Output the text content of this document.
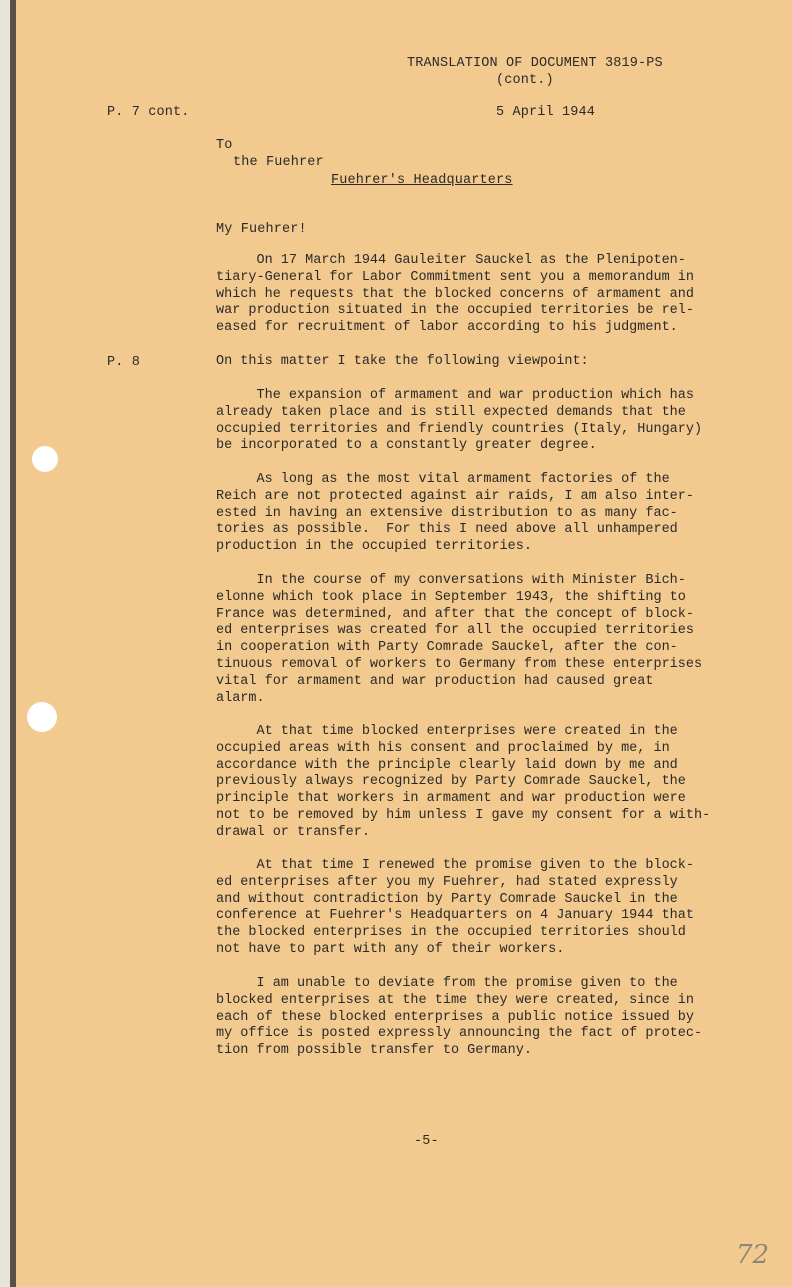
TRANSLATION OF DOCUMENT 3819-PS
(cont.)
P. 7 cont.	5 April 1944
To
the Fuehrer
Fuehrer's Headquarters
My Fuehrer!
On 17 March 1944 Gauleiter Sauckel as the Plenipoten-
tiary-General for Labor Commitment sent you a memorandum in
which he requests that the blocked concerns of armament and
war production situated in the occupied territories be rel-
eased for recruitment of labor according to his judgment.
P. 8	On this matter I take the following viewpoint:
The expansion of armament and war production which has
already taken place and is still expected demands that the
occupied territories and friendly countries (Italy, Hungary)
be incorporated to a constantly greater degree.
As long as the most vital armament factories of the
Reich are not protected against air raids, I am also inter-
ested in having an extensive distribution to as many fac-
tories as possible.  For this I need above all unhampered
production in the occupied territories.
In the course of my conversations with Minister Bich-
elonne which took place in September 1943, the shifting to
France was determined, and after that the concept of block-
ed enterprises was created for all the occupied territories
in cooperation with Party Comrade Sauckel, after the con-
tinuous removal of workers to Germany from these enterprises
vital for armament and war production had caused great
alarm.
At that time blocked enterprises were created in the
occupied areas with his consent and proclaimed by me, in
accordance with the principle clearly laid down by me and
previously always recognized by Party Comrade Sauckel, the
principle that workers in armament and war production were
not to be removed by him unless I gave my consent for a with-
drawal or transfer.
At that time I renewed the promise given to the block-
ed enterprises after you my Fuehrer, had stated expressly
and without contradiction by Party Comrade Sauckel in the
conference at Fuehrer's Headquarters on 4 January 1944 that
the blocked enterprises in the occupied territories should
not have to part with any of their workers.
I am unable to deviate from the promise given to the
blocked enterprises at the time they were created, since in
each of these blocked enterprises a public notice issued by
my office is posted expressly announcing the fact of protec-
tion from possible transfer to Germany.
-5-
72
